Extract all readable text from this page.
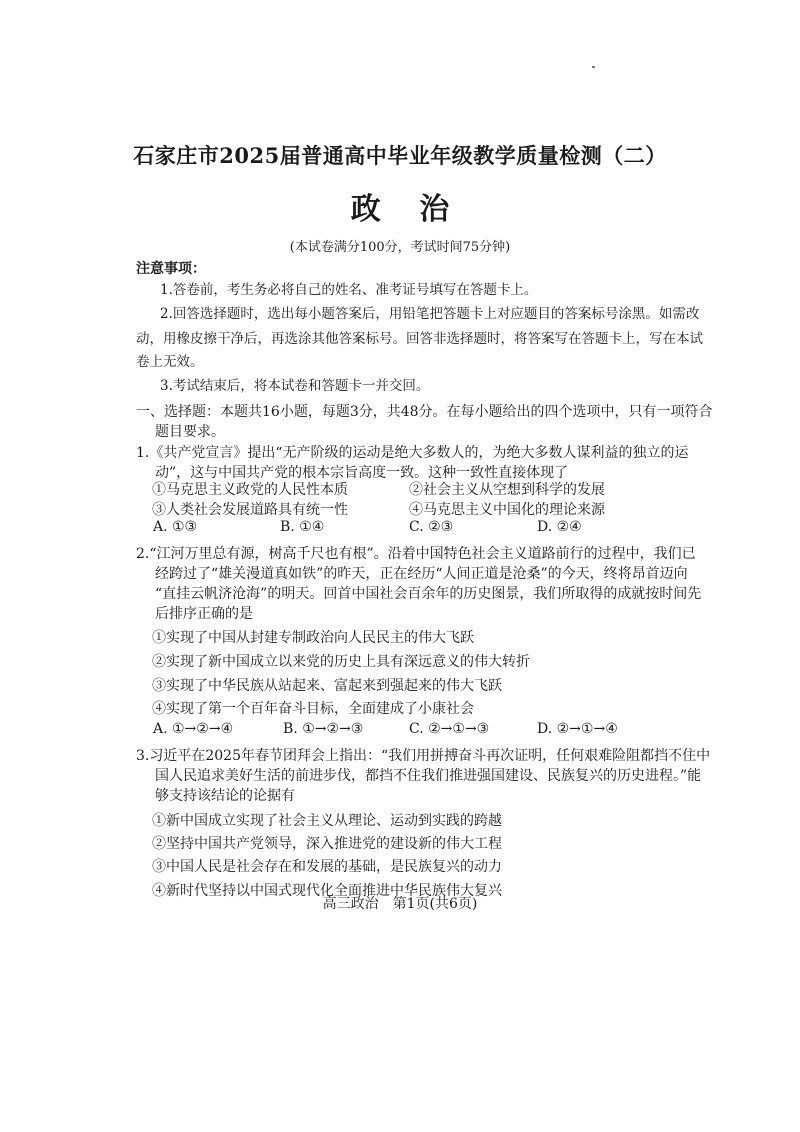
石家庄市2025届普通高中毕业年级教学质量检测（二）
政 治
(本试卷满分100分，考试时间75分钟)
注意事项：
1.答卷前，考生务必将自己的姓名、准考证号填写在答题卡上。
2.回答选择题时，选出每小题答案后，用铅笔把答题卡上对应题目的答案标号涂黑。如需改
动，用橡皮擦干净后，再选涂其他答案标号。回答非选择题时，将答案写在答题卡上，写在本试
卷上无效。
3.考试结束后，将本试卷和答题卡一并交回。
一、选择题：本题共16小题，每题3分，共48分。在每小题给出的四个选项中，只有一项符合
题目要求。
1.《共产党宣言》提出“无产阶级的运动是绝大多数人的，为绝大多数人谋利益的独立的运
动”，这与中国共产党的根本宗旨高度一致。这种一致性直接体现了
①马克思主义政党的人民性本质	②社会主义从空想到科学的发展
③人类社会发展道路具有统一性	④马克思主义中国化的理论来源
A. ①③	B. ①④	C. ②③	D. ②④
2.“江河万里总有源，树高千尺也有根”。沿着中国特色社会主义道路前行的过程中，我们已
经跨过了“雄关漫道真如铁”的昨天，正在经历“人间正道是沧桑”的今天，终将昂首迈向
“直挂云帆济沧海”的明天。回首中国社会百余年的历史图景，我们所取得的成就按时间先
后排序正确的是
①实现了中国从封建专制政治向人民民主的伟大飞跃
②实现了新中国成立以来党的历史上具有深远意义的伟大转折
③实现了中华民族从站起来、富起来到强起来的伟大飞跃
④实现了第一个百年奋斗目标，全面建成了小康社会
A. ①→②→④	B. ①→②→③	C. ②→①→③	D. ②→①→④
3.习近平在2025年春节团拜会上指出：“我们用拼搏奋斗再次证明，任何艰难险阻都挡不住中
国人民追求美好生活的前进步伐，都挡不住我们推进强国建设、民族复兴的历史进程。”能
够支持该结论的论据有
①新中国成立实现了社会主义从理论、运动到实践的跨越
②坚持中国共产党领导，深入推进党的建设新的伟大工程
③中国人民是社会存在和发展的基础，是民族复兴的动力
④新时代坚持以中国式现代化全面推进中华民族伟大复兴
高三政治　第1页(共6页)
